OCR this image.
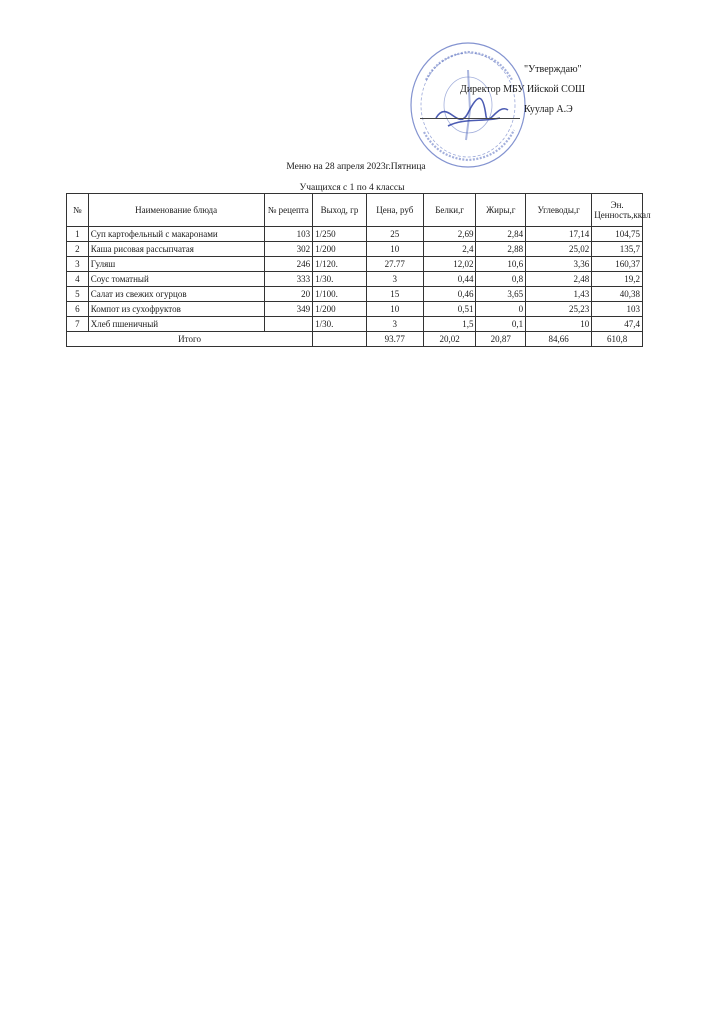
"Утверждаю"
Директор МБУ Ийской СОШ
Куулар А.Э
Меню на 28 апреля 2023г.Пятница
Учащихся с 1 по 4 классы
№	Наименование блюда	№ рецепта	Выход, гр	Цена, руб	Белки,г	Жиры,г	Углеводы,г	Эн. Ценность,ккал
1	Суп картофельный с макаронами	103	1/250	25	2,69	2,84	17,14	104,75
2	Каша рисовая рассыпчатая	302	1/200	10	2,4	2,88	25,02	135,7
3	Гуляш	246	1/120.	27.77	12,02	10,6	3,36	160,37
4	Соус томатный	333	1/30.	3	0,44	0,8	2,48	19,2
5	Салат из свежих огурцов	20	1/100.	15	0,46	3,65	1,43	40,38
6	Компот из сухофруктов	349	1/200	10	0,51	0	25,23	103
7	Хлеб пшеничный		1/30.	3	1,5	0,1	10	47,4
Итого				93.77	20,02	20,87	84,66	610,8
